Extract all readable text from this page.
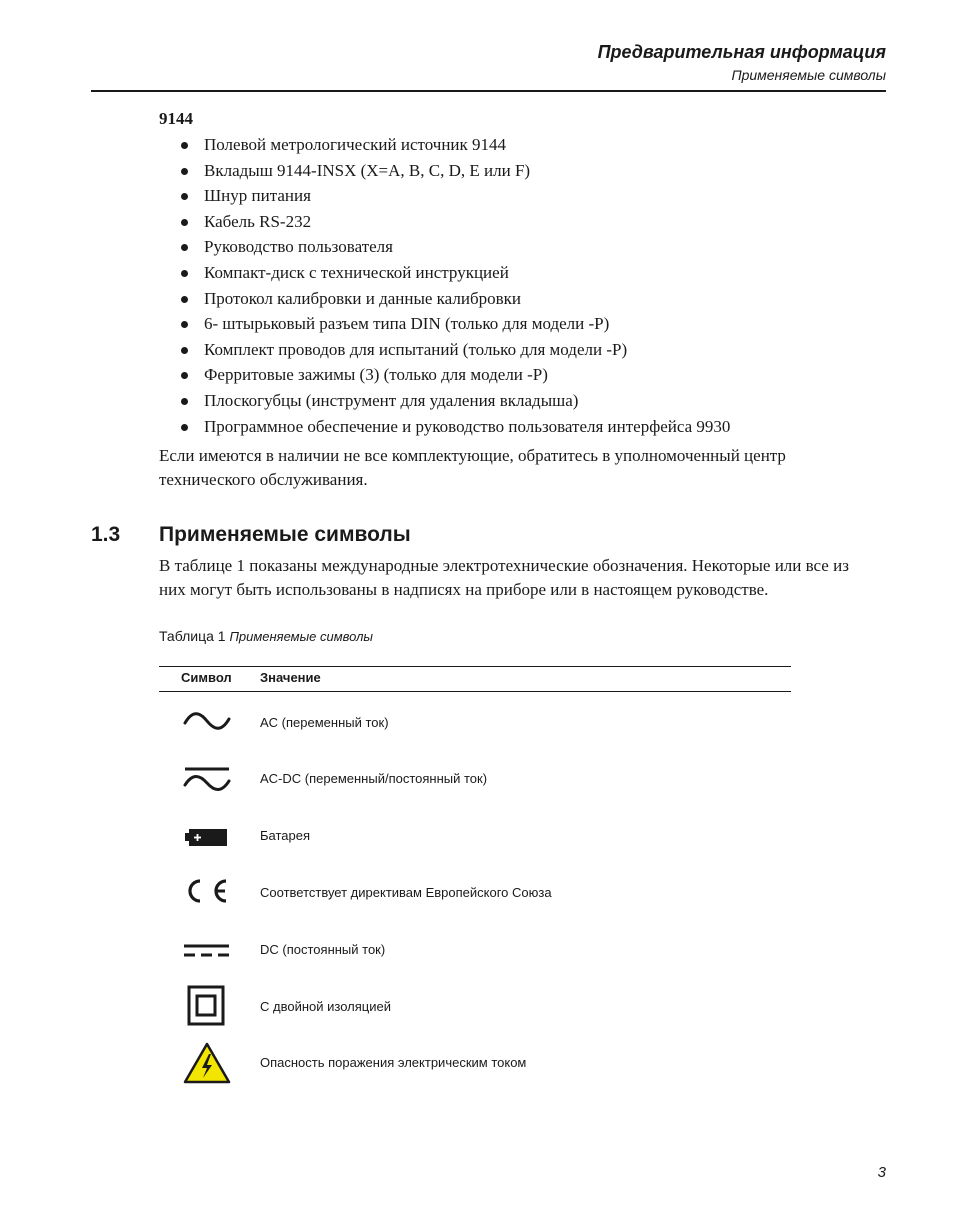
Предварительная информация
Применяемые символы
9144
Полевой метрологический источник 9144
Вкладыш 9144-INSX (X=A, B, C, D, E или F)
Шнур питания
Кабель RS-232
Руководство пользователя
Компакт-диск с технической инструкцией
Протокол калибровки и данные калибровки
6- штырьковый разъем типа DIN (только для модели -P)
Комплект проводов для испытаний (только для модели -P)
Ферритовые зажимы (3) (только для модели -P)
Плоскогубцы (инструмент для удаления вкладыша)
Программное обеспечение и руководство пользователя интерфейса 9930
Если имеются в наличии не все комплектующие, обратитесь в уполномоченный центр технического обслуживания.
1.3 Применяемые символы
В таблице 1 показаны международные электротехнические обозначения. Некоторые или все из них могут быть использованы в надписях на приборе или в настоящем руководстве.
Таблица 1 Применяемые символы
Символ Значение
AC (переменный ток)
AC-DC (переменный/постоянный ток)
Батарея
Соответствует директивам Европейского Союза
DC (постоянный ток)
С двойной изоляцией
Опасность поражения электрическим током
3
